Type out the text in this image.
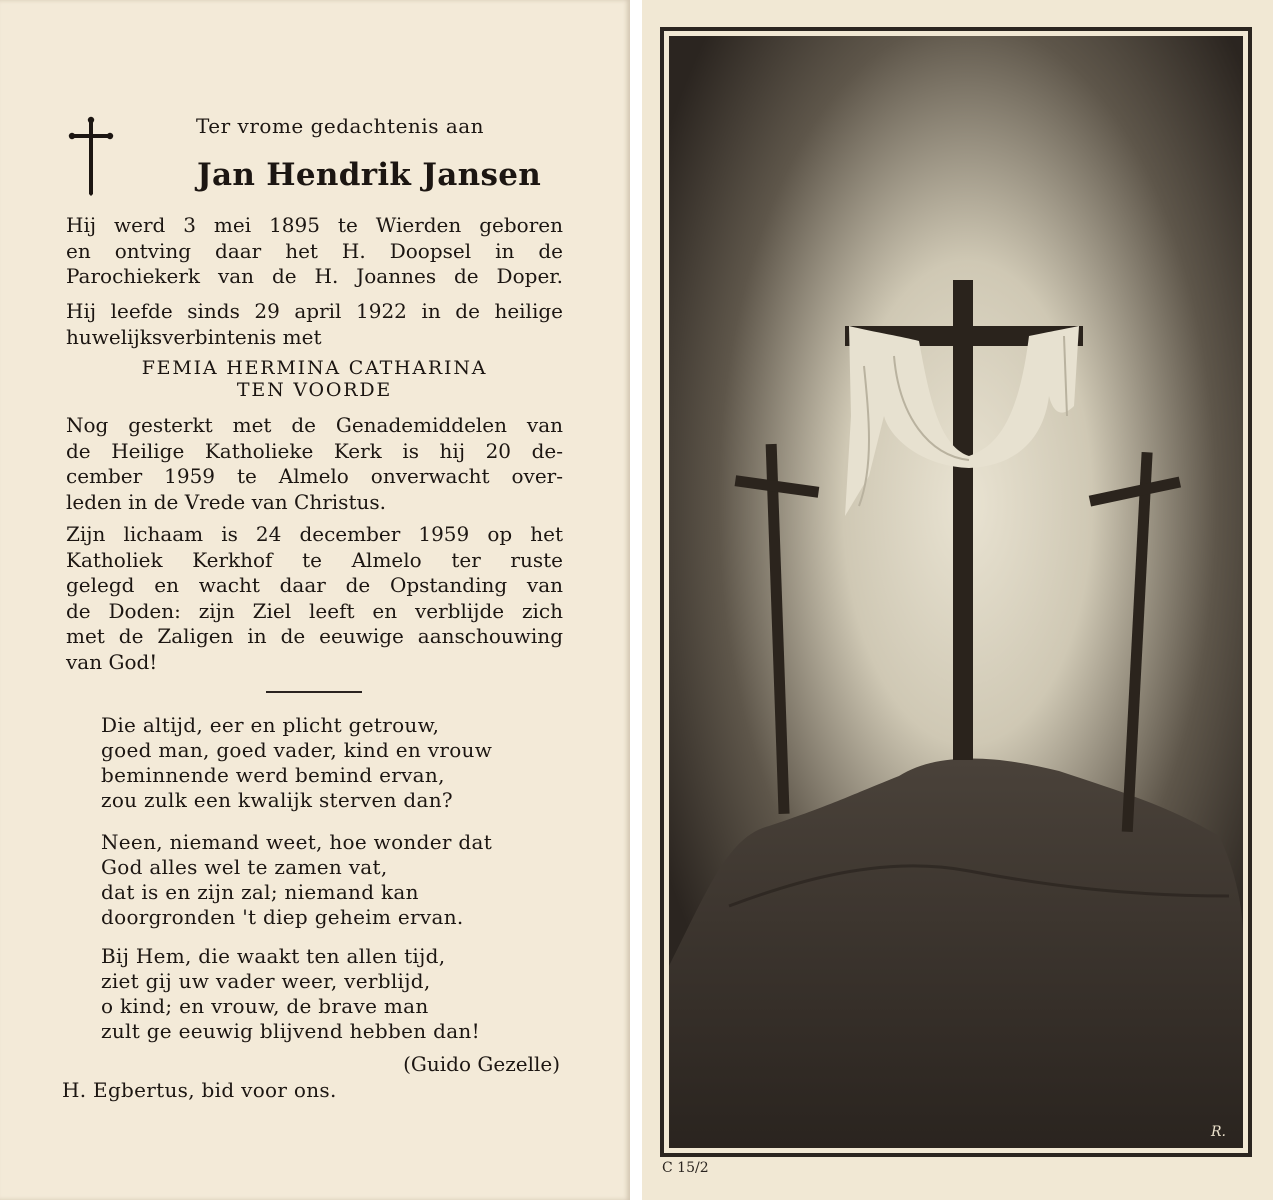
Ter vrome gedachtenis aan
Jan Hendrik Jansen
Hij werd 3 mei 1895 te Wierden geboren
en ontving daar het H. Doopsel in de
Parochiekerk van de H. Joannes de Doper.
Hij leefde sinds 29 april 1922 in de heilige
huwelijksverbintenis met
FEMIA HERMINA CATHARINA
TEN VOORDE
Nog gesterkt met de Genademiddelen van
de Heilige Katholieke Kerk is hij 20 de-
cember 1959 te Almelo onverwacht over-
leden in de Vrede van Christus.
Zijn lichaam is 24 december 1959 op het
Katholiek Kerkhof te Almelo ter ruste
gelegd en wacht daar de Opstanding van
de Doden: zijn Ziel leeft en verblijde zich
met de Zaligen in de eeuwige aanschouwing
van God!
Die altijd, eer en plicht getrouw,
goed man, goed vader, kind en vrouw
beminnende werd bemind ervan,
zou zulk een kwalijk sterven dan?
Neen, niemand weet, hoe wonder dat
God alles wel te zamen vat,
dat is en zijn zal; niemand kan
doorgronden 't diep geheim ervan.
Bij Hem, die waakt ten allen tijd,
ziet gij uw vader weer, verblijd,
o kind; en vrouw, de brave man
zult ge eeuwig blijvend hebben dan!
(Guido Gezelle)
H. Egbertus, bid voor ons.
R.
C 15/2
